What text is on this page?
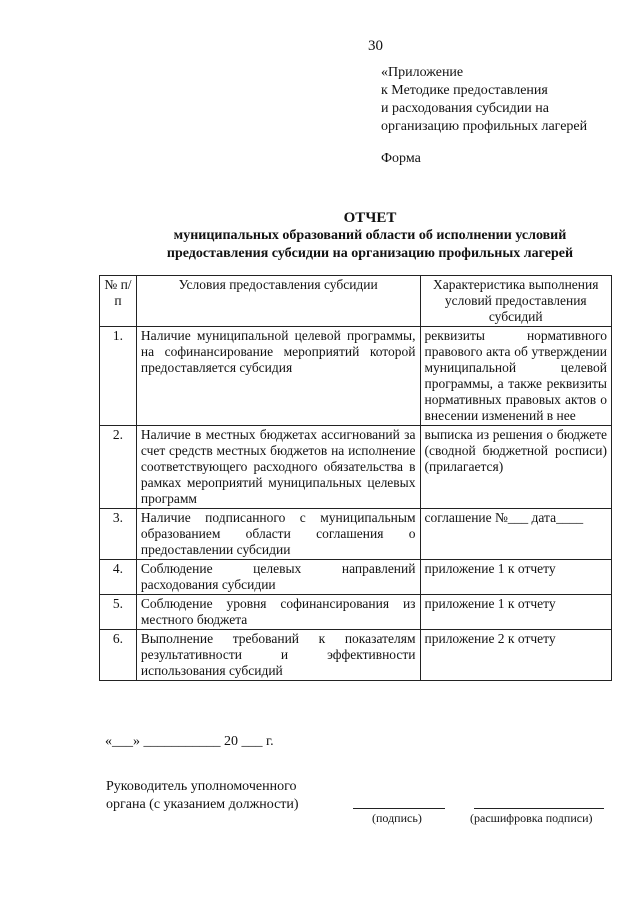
30
«Приложение
к Методике предоставления
и расходования субсидии на
организацию профильных лагерей
Форма
ОТЧЕТ
муниципальных образований области об исполнении условий
предоставления субсидии на организацию профильных лагерей
№ п/п	Условия предоставления субсидии	Характеристика выполнения условий предоставления субсидий
1.	Наличие муниципальной целевой программы, на софинансирование мероприятий которой предоставляется субсидия	реквизиты нормативного правового акта об утверждении муниципальной целевой программы, а также реквизиты нормативных правовых актов о внесении изменений в нее
2.	Наличие в местных бюджетах ассигнований за счет средств местных бюджетов на исполнение соответствующего расходного обязательства в рамках мероприятий муниципальных целевых программ	выписка из решения о бюджете (сводной бюджетной росписи) (прилагается)
3.	Наличие подписанного с муниципальным образованием области соглашения о предоставлении субсидии	соглашение №___ дата____
4.	Соблюдение целевых направлений расходования субсидии	приложение 1 к отчету
5.	Соблюдение уровня софинансирования из местного бюджета	приложение 1 к отчету
6.	Выполнение требований к показателям результативности и эффективности использования субсидий	приложение 2 к отчету
«___» ___________ 20 ___ г.
Руководитель уполномоченного
органа (с указанием должности)
(подпись)	(расшифровка подписи)
